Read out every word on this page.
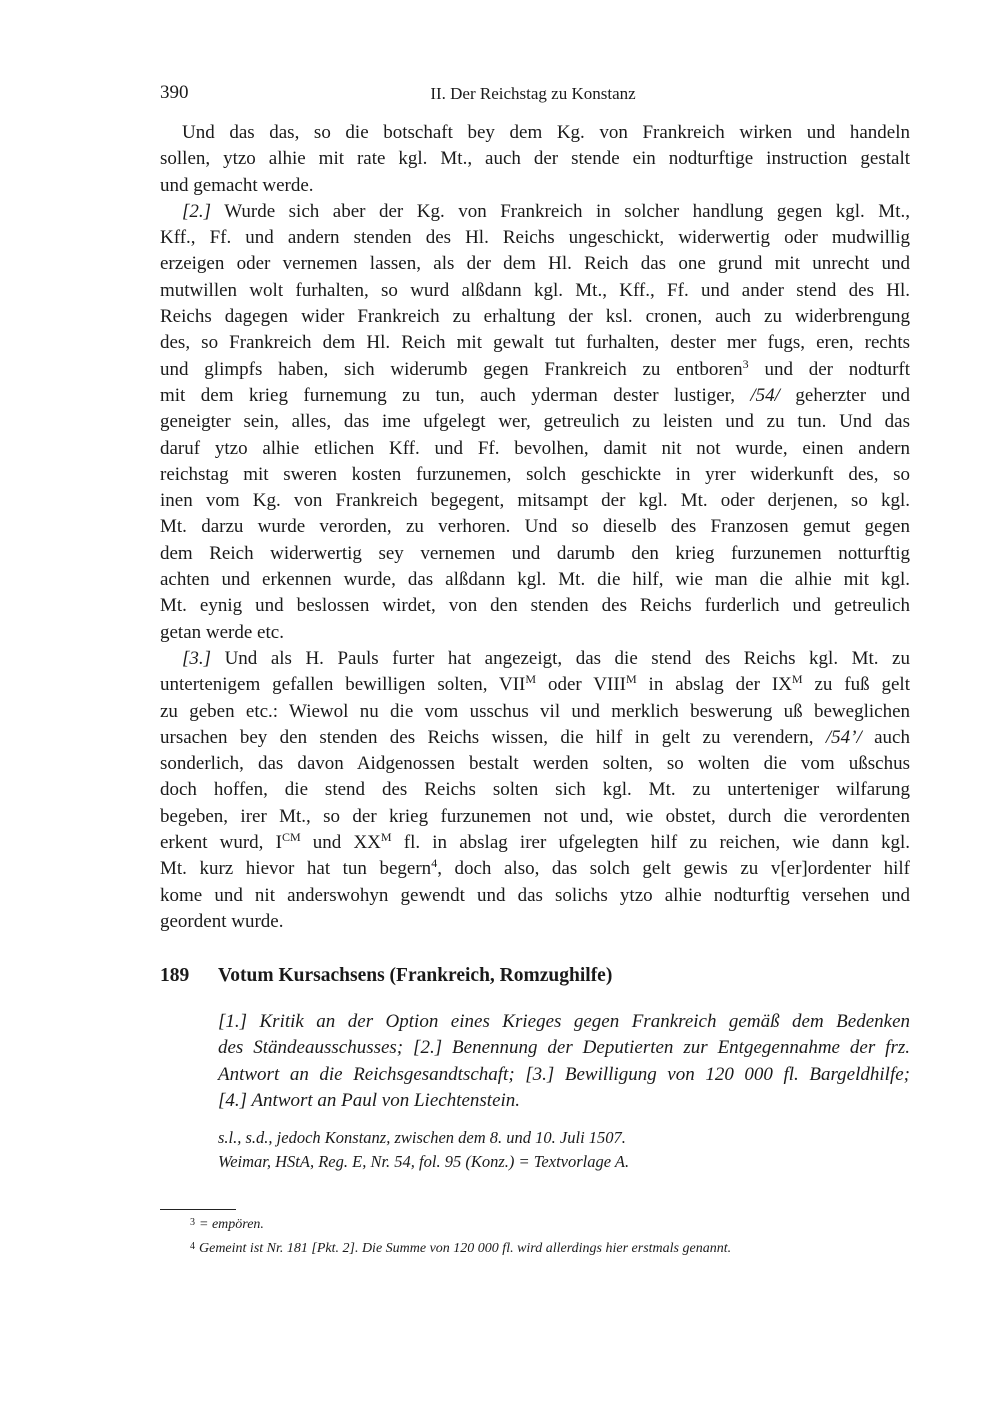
390	II. Der Reichstag zu Konstanz
Und das das, so die botschaft bey dem Kg. von Frankreich wirken und handeln
sollen, ytzo alhie mit rate kgl. Mt., auch der stende ein nodturftige instruction gestalt
und gemacht werde.
[2.] Wurde sich aber der Kg. von Frankreich in solcher handlung gegen kgl. Mt.,
Kff., Ff. und andern stenden des Hl. Reichs ungeschickt, widerwertig oder mudwillig
erzeigen oder vernemen lassen, als der dem Hl. Reich das one grund mit unrecht und
mutwillen wolt furhalten, so wurd alßdann kgl. Mt., Kff., Ff. und ander stend des Hl.
Reichs dagegen wider Frankreich zu erhaltung der ksl. cronen, auch zu widerbrengung
des, so Frankreich dem Hl. Reich mit gewalt tut furhalten, dester mer fugs, eren, rechts
und glimpfs haben, sich widerumb gegen Frankreich zu entboren$^3$ und der nodturft
mit dem krieg furnemung zu tun, auch yderman dester lustiger, /54/ geherzter und
geneigter sein, alles, das ime ufgelegt wer, getreulich zu leisten und zu tun. Und das
daruf ytzo alhie etlichen Kff. und Ff. bevolhen, damit nit not wurde, einen andern
reichstag mit sweren kosten furzunemen, solch geschickte in yrer widerkunft des, so
inen vom Kg. von Frankreich begegent, mitsampt der kgl. Mt. oder derjenen, so kgl.
Mt. darzu wurde verorden, zu verhoren. Und so dieselb des Franzosen gemut gegen
dem Reich widerwertig sey vernemen und darumb den krieg furzunemen notturftig
achten und erkennen wurde, das alßdann kgl. Mt. die hilf, wie man die alhie mit kgl.
Mt. eynig und beslossen wirdet, von den stenden des Reichs furderlich und getreulich
getan werde etc.
[3.] Und als H. Pauls furter hat angezeigt, das die stend des Reichs kgl. Mt. zu
untertenigem gefallen bewilligen solten, $VII^M$ oder $VIII^M$ in abslag der $IX^M$ zu fuß gelt
zu geben etc.: Wiewol nu die vom usschus vil und merklich beswerung uß beweglichen
ursachen bey den stenden des Reichs wissen, die hilf in gelt zu verendern, /54’/ auch
sonderlich, das davon Aidgenossen bestalt werden solten, so wolten die vom ußschus
doch hoffen, die stend des Reichs solten sich kgl. Mt. zu unterteniger wilfarung
begeben, irer Mt., so der krieg furzunemen not und, wie obstet, durch die verordenten
erkent wurd, $I^{CM}$ und $XX^M$ fl. in abslag irer ufgelegten hilf zu reichen, wie dann kgl.
Mt. kurz hievor hat tun begern$^4$, doch also, das solch gelt gewis zu v[er]ordenter hilf
kome und nit anderswohyn gewendt und das solichs ytzo alhie nodturftig versehen und
geordent wurde.
189 Votum Kursachsens (Frankreich, Romzughilfe)
[1.] Kritik an der Option eines Krieges gegen Frankreich gemäß dem Bedenken
des Ständeausschusses; [2.] Benennung der Deputierten zur Entgegennahme der frz.
Antwort an die Reichsgesandtschaft; [3.] Bewilligung von 120 000 fl. Bargeldhilfe;
[4.] Antwort an Paul von Liechtenstein.
s.l., s.d., jedoch Konstanz, zwischen dem 8. und 10. Juli 1507.
Weimar, HStA, Reg. E, Nr. 54, fol. 95 (Konz.) = Textvorlage A.
$^3$ = empören.
$^4$ Gemeint ist Nr. 181 [Pkt. 2]. Die Summe von 120 000 fl. wird allerdings hier erstmals genannt.
